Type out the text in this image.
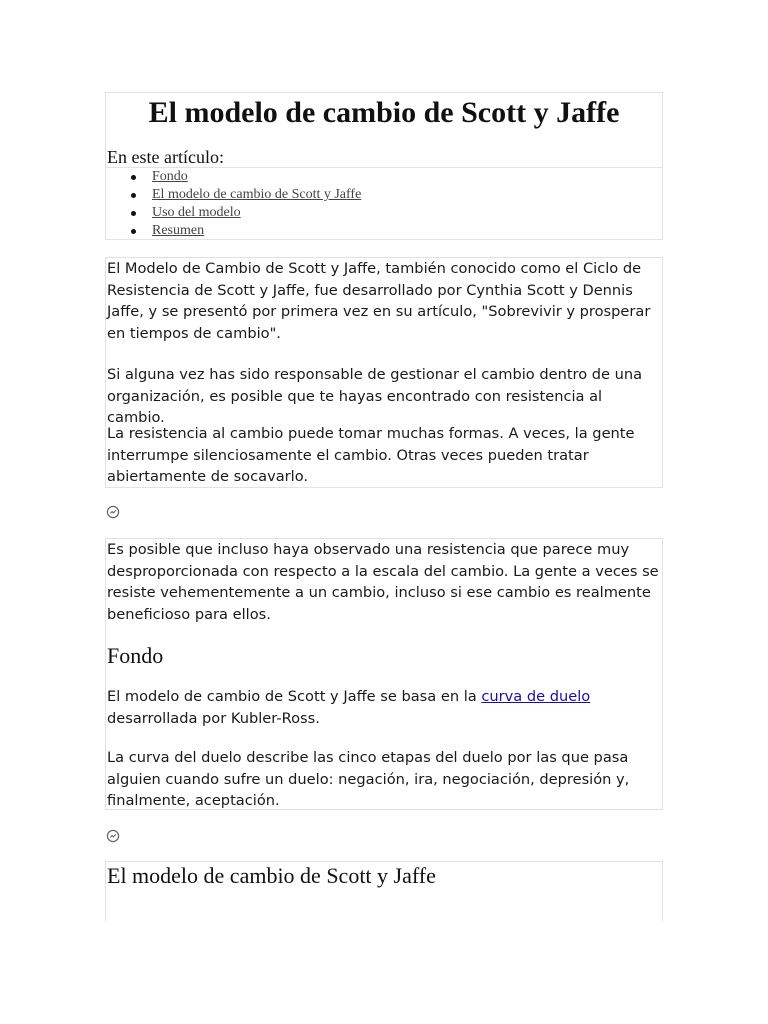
El modelo de cambio de Scott y Jaffe
En este artículo:
Fondo
El modelo de cambio de Scott y Jaffe
Uso del modelo
Resumen

El Modelo de Cambio de Scott y Jaffe, también conocido como el Ciclo de Resistencia de Scott y Jaffe, fue desarrollado por Cynthia Scott y Dennis Jaffe, y se presentó por primera vez en su artículo, "Sobrevivir y prosperar en tiempos de cambio".

Si alguna vez has sido responsable de gestionar el cambio dentro de una organización, es posible que te hayas encontrado con resistencia al cambio.

La resistencia al cambio puede tomar muchas formas. A veces, la gente interrumpe silenciosamente el cambio. Otras veces pueden tratar abiertamente de socavarlo.

Es posible que incluso haya observado una resistencia que parece muy desproporcionada con respecto a la escala del cambio. La gente a veces se resiste vehementemente a un cambio, incluso si ese cambio es realmente beneficioso para ellos.

Fondo

El modelo de cambio de Scott y Jaffe se basa en la curva de duelo desarrollada por Kubler-Ross.

La curva del duelo describe las cinco etapas del duelo por las que pasa alguien cuando sufre un duelo: negación, ira, negociación, depresión y, finalmente, aceptación.

El modelo de cambio de Scott y Jaffe
